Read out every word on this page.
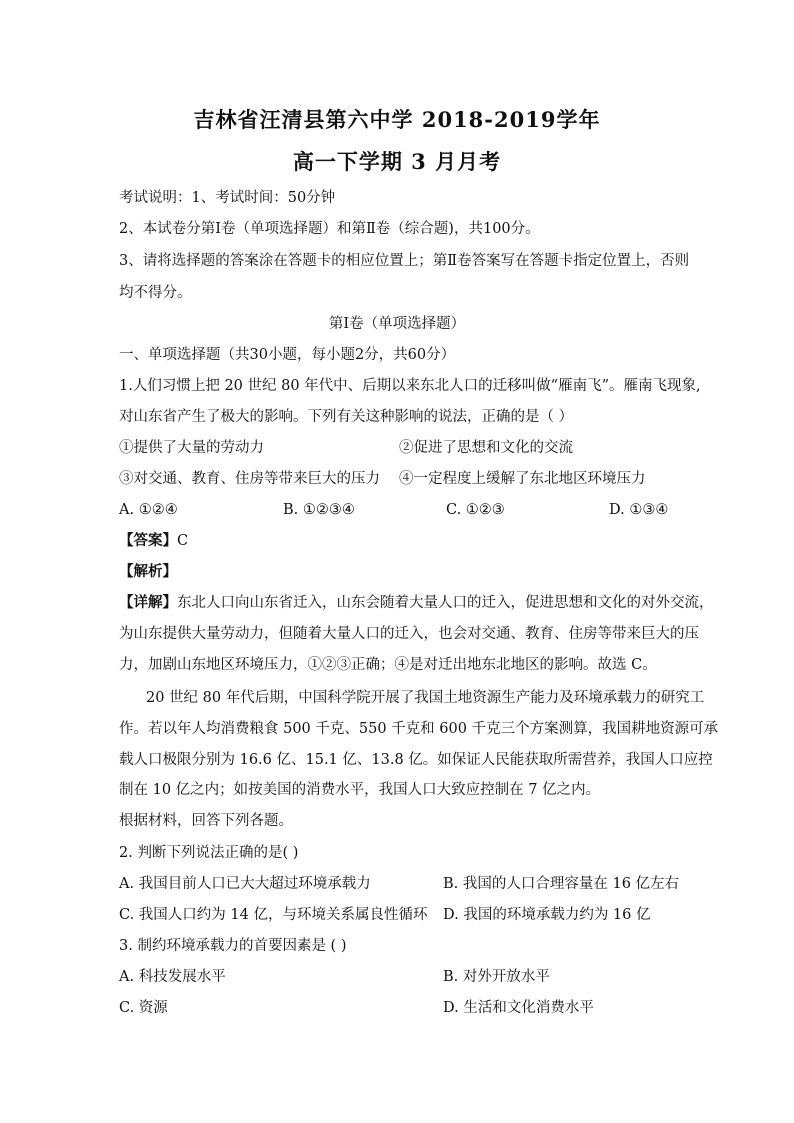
吉林省汪清县第六中学 2018-2019学年
高一下学期 3 月月考
考试说明：1、考试时间：50分钟
2、本试卷分第Ⅰ卷（单项选择题）和第Ⅱ卷（综合题)，共100分。
3、请将选择题的答案涂在答题卡的相应位置上；第Ⅱ卷答案写在答题卡指定位置上，否则
均不得分。
第Ⅰ卷（单项选择题）
一、单项选择题（共30小题，每小题2分，共60分）
1.人们习惯上把 20 世纪 80 年代中、后期以来东北人口的迁移叫做“雁南飞”。雁南飞现象,
对山东省产生了极大的影响。下列有关这种影响的说法，正确的是（ ）
①提供了大量的劳动力	②促进了思想和文化的交流
③对交通、教育、住房等带来巨大的压力 ④一定程度上缓解了东北地区环境压力
A. ①②④	B. ①②③④	C. ①②③	D. ①③④
【答案】C
【解析】
【详解】东北人口向山东省迁入，山东会随着大量人口的迁入，促进思想和文化的对外交流，
为山东提供大量劳动力，但随着大量人口的迁入，也会对交通、教育、住房等带来巨大的压
力，加剧山东地区环境压力，①②③正确；④是对迁出地东北地区的影响。故选 C。
20 世纪 80 年代后期，中国科学院开展了我国土地资源生产能力及环境承载力的研究工
作。若以年人均消费粮食 500 千克、550 千克和 600 千克三个方案测算，我国耕地资源可承
载人口极限分别为 16.6 亿、15.1 亿、13.8 亿。如保证人民能获取所需营养，我国人口应控
制在 10 亿之内；如按美国的消费水平，我国人口大致应控制在 7 亿之内。
根据材料，回答下列各题。
2. 判断下列说法正确的是( )
A. 我国目前人口已大大超过环境承载力	B. 我国的人口合理容量在 16 亿左右
C. 我国人口约为 14 亿，与环境关系属良性循环 D. 我国的环境承载力约为 16 亿
3. 制约环境承载力的首要因素是 ( )
A. 科技发展水平	B. 对外开放水平
C. 资源	D. 生活和文化消费水平
